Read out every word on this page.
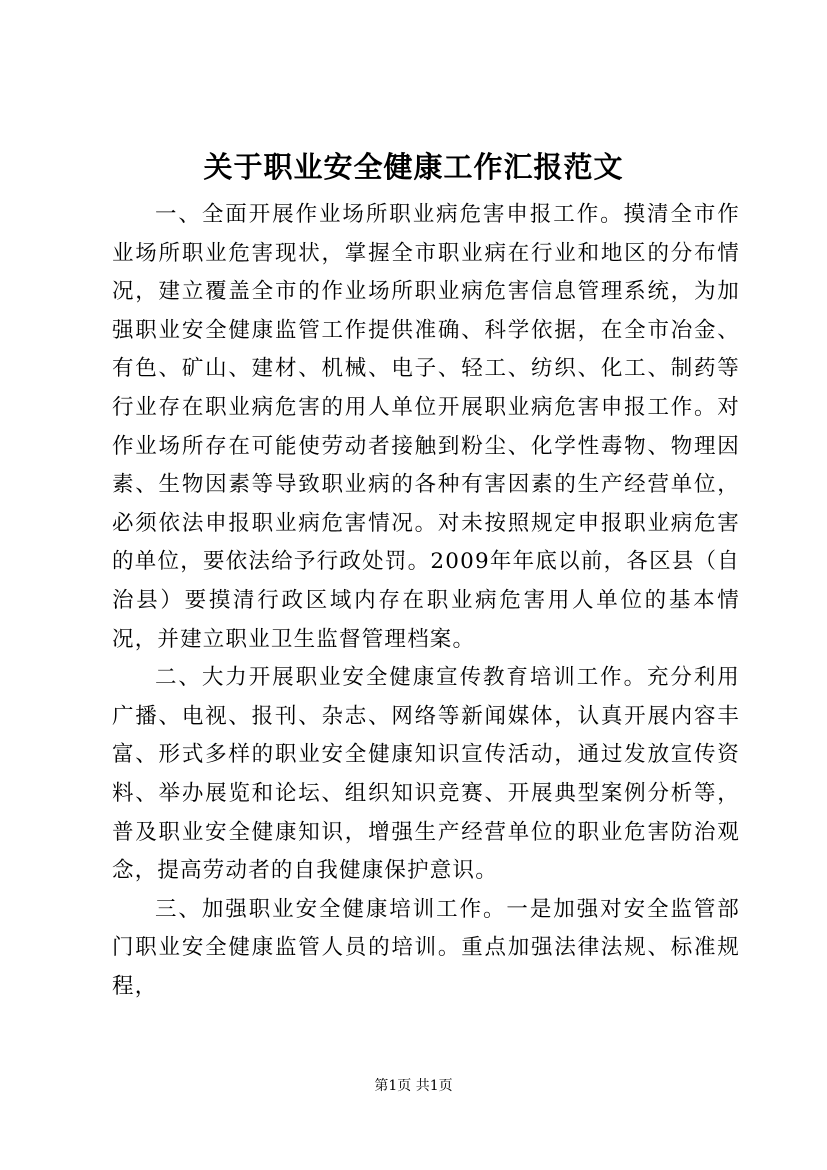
关于职业安全健康工作汇报范文

一、全面开展作业场所职业病危害申报工作。摸清全市作业场所职业危害现状，掌握全市职业病在行业和地区的分布情况，建立覆盖全市的作业场所职业病危害信息管理系统，为加强职业安全健康监管工作提供准确、科学依据，在全市冶金、有色、矿山、建材、机械、电子、轻工、纺织、化工、制药等行业存在职业病危害的用人单位开展职业病危害申报工作。对作业场所存在可能使劳动者接触到粉尘、化学性毒物、物理因素、生物因素等导致职业病的各种有害因素的生产经营单位，必须依法申报职业病危害情况。对未按照规定申报职业病危害的单位，要依法给予行政处罚。2009年年底以前，各区县（自治县）要摸清行政区域内存在职业病危害用人单位的基本情况，并建立职业卫生监督管理档案。

二、大力开展职业安全健康宣传教育培训工作。充分利用广播、电视、报刊、杂志、网络等新闻媒体，认真开展内容丰富、形式多样的职业安全健康知识宣传活动，通过发放宣传资料、举办展览和论坛、组织知识竞赛、开展典型案例分析等，普及职业安全健康知识，增强生产经营单位的职业危害防治观念，提高劳动者的自我健康保护意识。

三、加强职业安全健康培训工作。一是加强对安全监管部门职业安全健康监管人员的培训。重点加强法律法规、标准规程，

第1页 共1页
